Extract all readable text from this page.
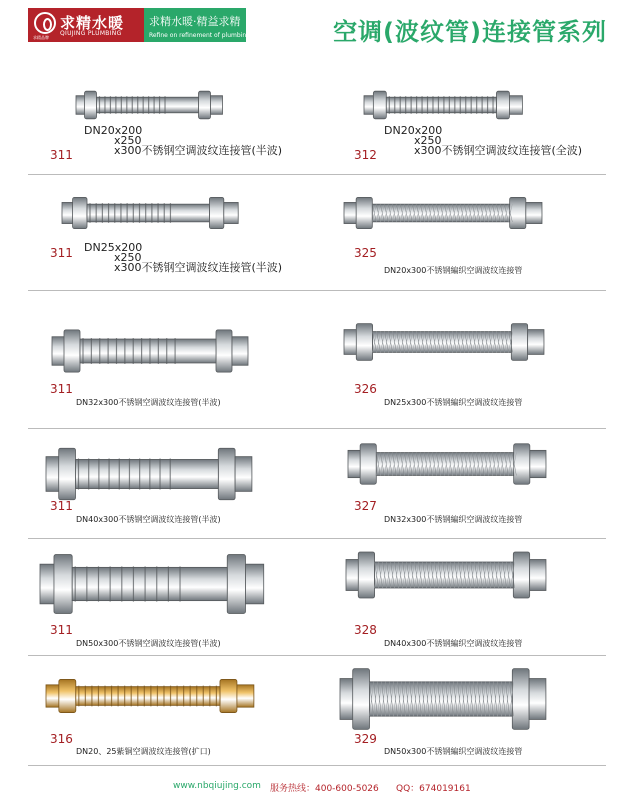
求精水暖
QIUJING PLUMBING
求精品牌
求精水暖·精益求精
Refine on refinement of plumbing	空调(波纹管)连接管系列
311
DN20x200
x250
x300不锈钢空调波纹连接管(半波)	312
DN20x200
x250
x300不锈钢空调波纹连接管(全波)
311 DN25x200
x250
x300不锈钢空调波纹连接管(半波)
325
DN20x300不锈钢編织空调波纹连接管
311
DN32x300不锈钢空调波纹连接管(半波)
326
DN25x300不锈钢編织空调波纹连接管
311
DN40x300不锈钢空调波纹连接管(半波)
327
DN32x300不锈钢編织空调波纹连接管
311
DN50x300不锈钢空调波纹连接管(半波)
328
DN40x300不锈钢編织空调波纹连接管
316
DN20、25紫铜空调波纹连接管(扩口)
329
DN50x300不锈钢編织空调波纹连接管
www.nbqiujing.com 服务热线：400-600-5026 QQ：674019161
